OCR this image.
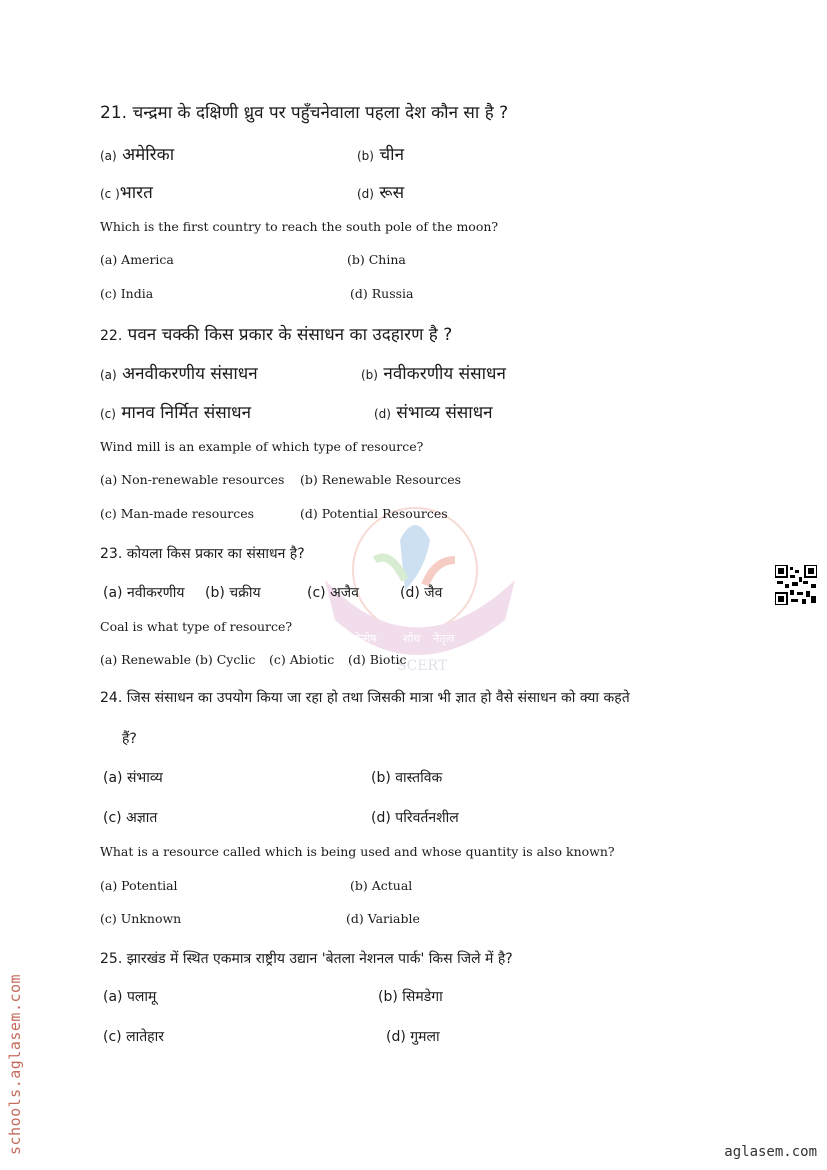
नवोन्मेष शोध नेतृत्व
SCERT
21. चन्द्रमा के दक्षिणी ध्रुव पर पहुँचनेवाला पहला देश कौन सा है ?
(a) अमेरिका	(b) चीन
(c )भारत	(d) रूस
Which is the first country to reach the south pole of the moon?
(a) America	(b) China
(c) India	(d) Russia
22. पवन चक्की किस प्रकार के संसाधन का उदहारण है ?
(a) अनवीकरणीय संसाधन	(b) नवीकरणीय संसाधन
(c) मानव निर्मित संसाधन	(d) संभाव्य संसाधन
Wind mill is an example of which type of resource?
(a) Non-renewable resources (b) Renewable Resources
(c) Man-made resources	(d) Potential Resources
23. कोयला किस प्रकार का संसाधन है?
(a) नवीकरणीय (b) चक्रीय	(c) अजैव	(d) जैव
Coal is what type of resource?
(a) Renewable (b) Cyclic (c) Abiotic (d) Biotic
24. जिस संसाधन का उपयोग किया जा रहा हो तथा जिसकी मात्रा भी ज्ञात हो वैसे संसाधन को क्या कहते
हैं?
(a) संभाव्य	(b) वास्तविक
(c) अज्ञात	(d) परिवर्तनशील
What is a resource called which is being used and whose quantity is also known?
(a) Potential	(b) Actual
(c) Unknown	(d) Variable
25. झारखंड में स्थित एकमात्र राष्ट्रीय उद्यान 'बेतला नेशनल पार्क' किस जिले में है?
(a) पलामू	(b) सिमडेगा
(c) लातेहार	(d) गुमला
schools.aglasem.com	aglasem.com
